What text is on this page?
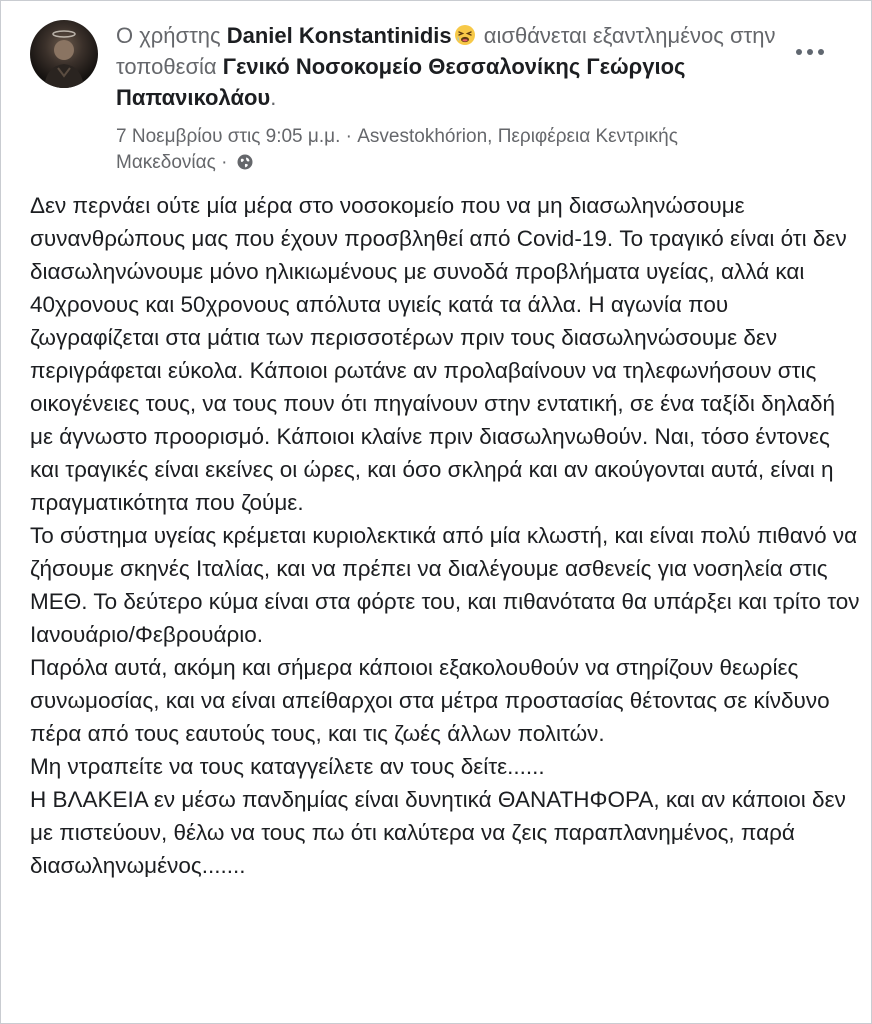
Ο χρήστης Daniel Konstantinidis αισθάνεται εξαντλημένος στην τοποθεσία Γενικό Νοσοκομείο Θεσσαλονίκης Γεώργιος Παπανικολάου.
7 Νοεμβρίου στις 9:05 μ.μ. · Asvestokhórion, Περιφέρεια Κεντρικής Μακεδονίας ·

Δεν περνάει ούτε μία μέρα στο νοσοκομείο που να μη διασωληνώσουμε συνανθρώπους μας που έχουν προσβληθεί από Covid-19. Το τραγικό είναι ότι δεν διασωληνώνουμε μόνο ηλικιωμένους με συνοδά προβλήματα υγείας, αλλά και 40χρονους και 50χρονους απόλυτα υγιείς κατά τα άλλα. Η αγωνία που ζωγραφίζεται στα μάτια των περισσοτέρων πριν τους διασωληνώσουμε δεν περιγράφεται εύκολα. Κάποιοι ρωτάνε αν προλαβαίνουν να τηλεφωνήσουν στις οικογένειες τους, να τους πουν ότι πηγαίνουν στην εντατική, σε ένα ταξίδι δηλαδή με άγνωστο προορισμό. Κάποιοι κλαίνε πριν διασωληνωθούν. Ναι, τόσο έντονες και τραγικές είναι εκείνες οι ώρες, και όσο σκληρά και αν ακούγονται αυτά, είναι η πραγματικότητα που ζούμε.

Το σύστημα υγείας κρέμεται κυριολεκτικά από μία κλωστή, και είναι πολύ πιθανό να ζήσουμε σκηνές Ιταλίας, και να πρέπει να διαλέγουμε ασθενείς για νοσηλεία στις ΜΕΘ. Το δεύτερο κύμα είναι στα φόρτε του, και πιθανότατα θα υπάρξει και τρίτο τον Ιανουάριο/Φεβρουάριο.

Παρόλα αυτά, ακόμη και σήμερα κάποιοι εξακολουθούν να στηρίζουν θεωρίες συνωμοσίας, και να είναι απείθαρχοι στα μέτρα προστασίας θέτοντας σε κίνδυνο πέρα από τους εαυτούς τους, και τις ζωές άλλων πολιτών.

Μη ντραπείτε να τους καταγγείλετε αν τους δείτε......

Η ΒΛΑΚΕΙΑ εν μέσω πανδημίας είναι δυνητικά ΘΑΝΑΤΗΦΟΡΑ, και αν κάποιοι δεν με πιστεύουν, θέλω να τους πω ότι καλύτερα να ζεις παραπλανημένος, παρά διασωληνωμένος.......
